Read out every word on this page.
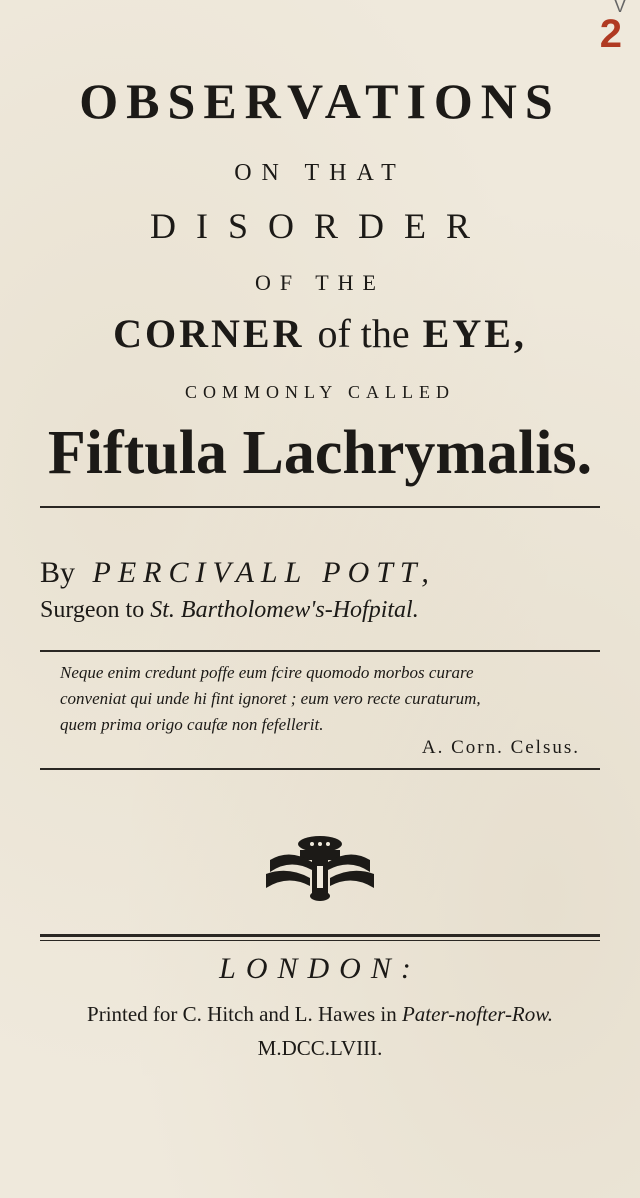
V
2
OBSERVATIONS
ON THAT
DISORDER
OF THE
CORNER of the EYE,
COMMONLY CALLED
Fiftula Lachrymalis.
By PERCIVALL POTT,
Surgeon to St. Bartholomew's-Hofpital.
Neque enim credunt poffe eum fcire quomodo morbos curare
conveniat qui unde hi fint ignoret ; eum vero recte curaturum,
quem prima origo caufæ non fefellerit.
A. Corn. Celsus.
LONDON:
Printed for C. Hitch and L. Hawes in Pater-nofter-Row.
M.DCC.LVIII.
